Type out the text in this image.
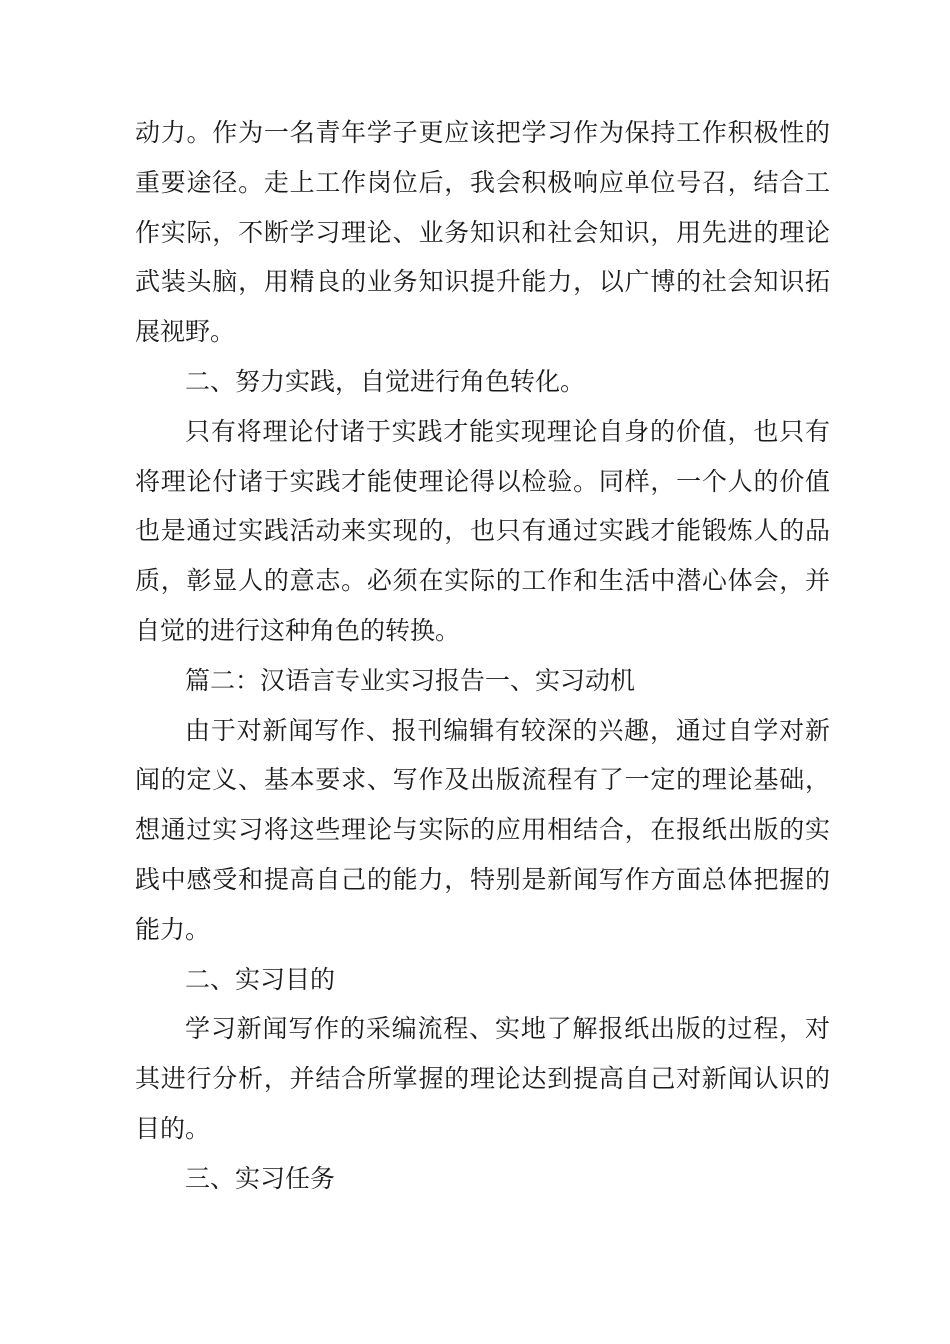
动力。作为一名青年学子更应该把学习作为保持工作积极性的重要途径。走上工作岗位后，我会积极响应单位号召，结合工作实际，不断学习理论、业务知识和社会知识，用先进的理论武装头脑，用精良的业务知识提升能力，以广博的社会知识拓展视野。

二、努力实践，自觉进行角色转化。

只有将理论付诸于实践才能实现理论自身的价值，也只有将理论付诸于实践才能使理论得以检验。同样，一个人的价值也是通过实践活动来实现的，也只有通过实践才能锻炼人的品质，彰显人的意志。必须在实际的工作和生活中潜心体会，并自觉的进行这种角色的转换。

篇二：汉语言专业实习报告一、实习动机

由于对新闻写作、报刊编辑有较深的兴趣，通过自学对新闻的定义、基本要求、写作及出版流程有了一定的理论基础，想通过实习将这些理论与实际的应用相结合，在报纸出版的实践中感受和提高自己的能力，特别是新闻写作方面总体把握的能力。

二、实习目的

学习新闻写作的采编流程、实地了解报纸出版的过程，对其进行分析，并结合所掌握的理论达到提高自己对新闻认识的目的。

三、实习任务
